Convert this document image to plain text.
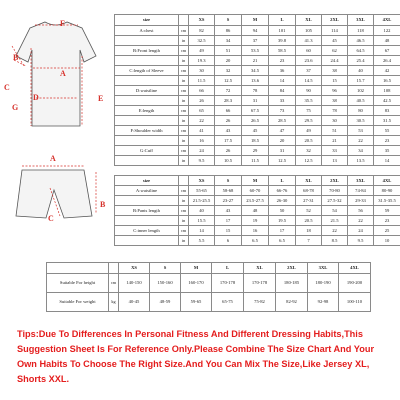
F
A
B
C
D	E
G
size		XS	S	M	L	XL	2XL	3XL	4XL
A:chest	cm	82	86	94	101	105	114	118	122
	in	32.5	34	37	39.8	41.3	45	46.5	48
B:Front length	cm	49	51	53.5	58.5	60	62	64.5	67
	in	19.3	20	21	23	23.6	24.4	25.4	26.4
C:length of Sleeve	cm	30	32	34.5	36	37	38	40	42
	in	11.5	12.5	13.6	14	14.5	15	15.7	16.5
D:waistline	cm	66	72	78	84	90	96	102	108
	in	26	28.3	31	33	35.5	38	40.5	42.5
E:length	cm	65	66	67.5	73	75	78	80	83
	in	22	26	26.5	28.5	29.5	30	30.5	31.5
F:Shoulder width	cm	41	43	45	47	49	51	53	55
	in	16	17.5	18.5	20	20.5	21	22	23
G:Cuff	cm	24	26	29	31	32	33	34	35
	in	9.5	10.5	11.5	12.5	12.5	13	13.5	14
A
B
C
size		XS	S	M	L	XL	2XL	3XL	4XL
A:waistline	cm	55-65	58-68	60-70	66-76	68-78	70-80	74-84	80-90
	in	21.5-25.5	23-27	23.5-27.5	26-30	27-31	27.5-32	29-33	31.5-35.5
B:Pants length	cm	40	43	48	50	52	54	56	59
	in	15.5	17	19	19.5	20.5	21.5	22	23
C:inner length	cm	14	15	16	17	18	22	24	25
	in	5.5	6	6.5	6.5	7	8.5	9.5	10
		XS	S	M	L	XL	2XL	3XL	4XL
Suitable For height	cm	140-150	150-160	160-170	170-178	170-178	180-185	180-190	190-200
Suitable For weight	kg	40-45	48-59	59-65	65-75	75-82	82-92	92-98	100-110
Tips:Due To Differences In Personal Fitness And Different Dressing Habits,This
Suggestion Sheet Is For Reference Only.Please Combine The Size Chart And Your
Own Habits To Choose The Right Size.And You Can Mix The Size,Like Jersey XL,
Shorts XXL.
